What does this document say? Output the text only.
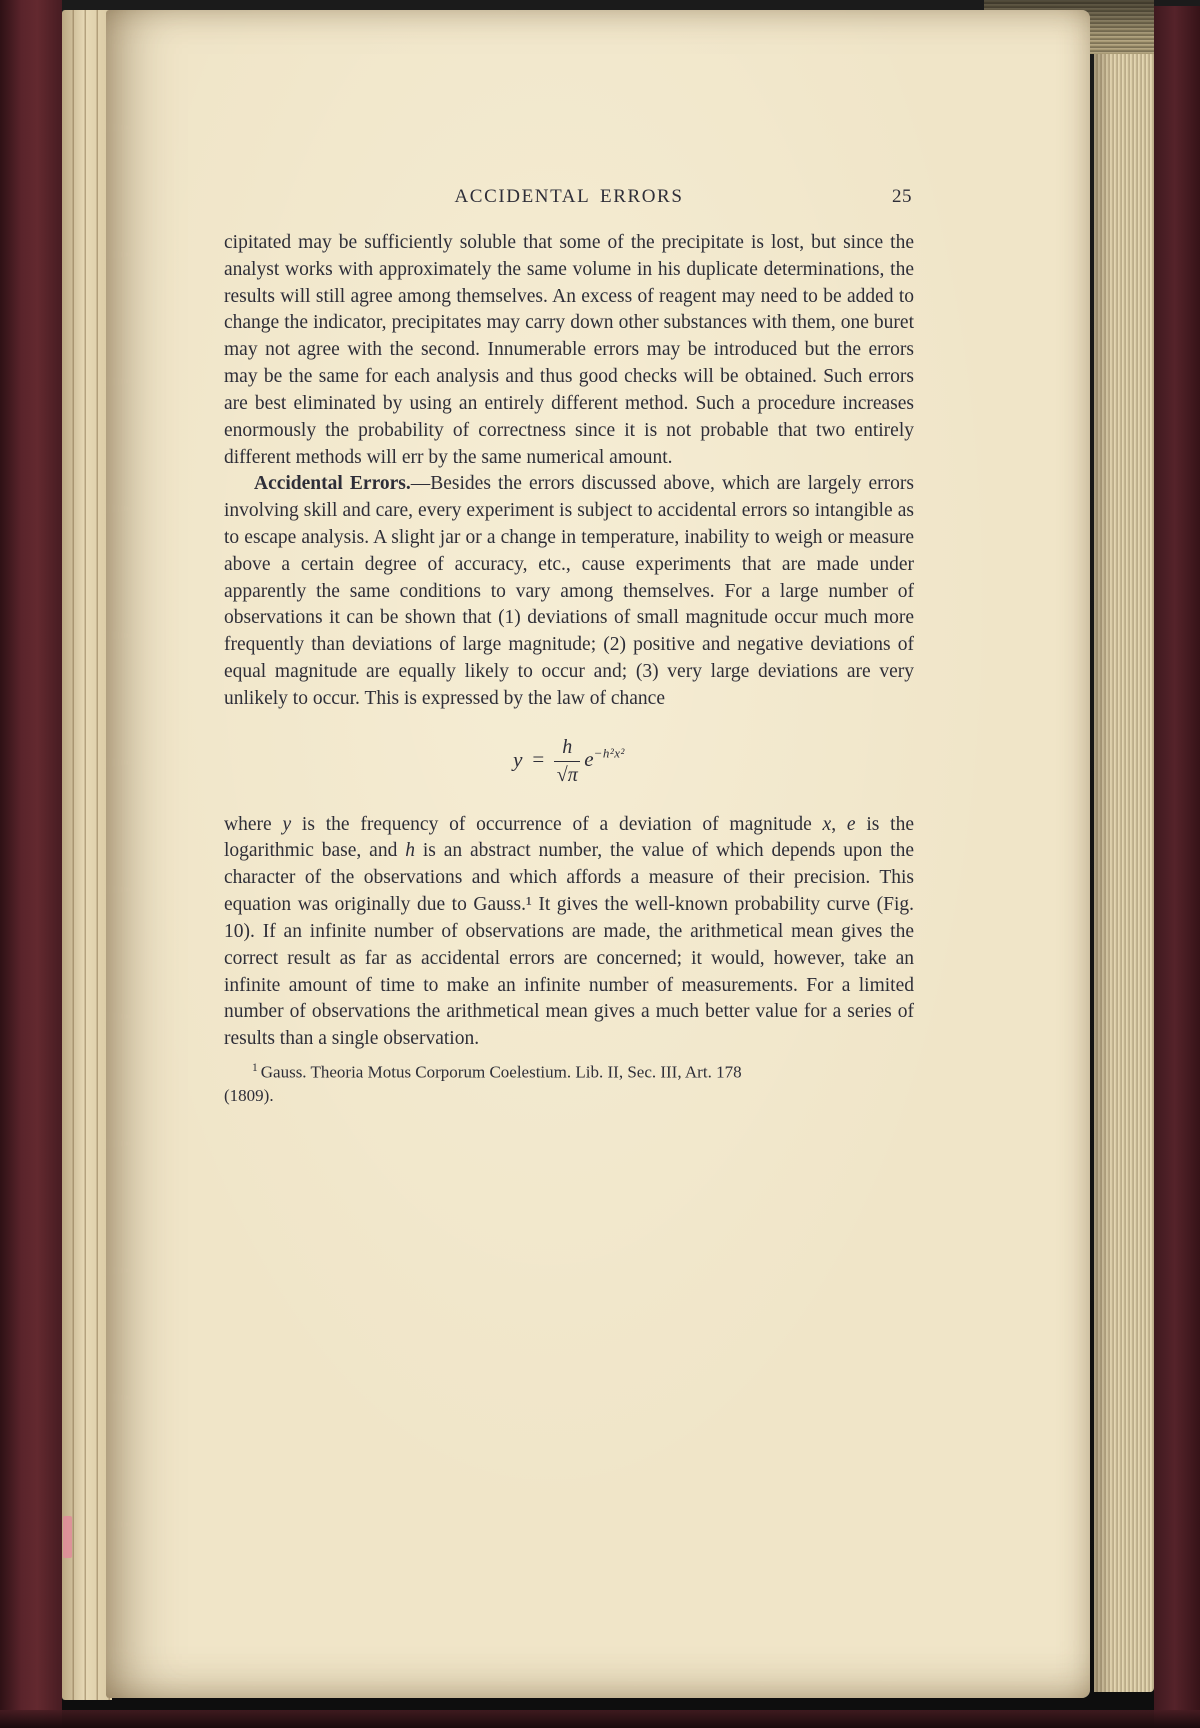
ACCIDENTAL ERRORS	25

cipitated may be sufficiently soluble that some of the precipitate is lost, but since the analyst works with approximately the same volume in his duplicate determinations, the results will still agree among themselves. An excess of reagent may need to be added to change the indicator, precipitates may carry down other substances with them, one buret may not agree with the second. Innumerable errors may be introduced but the errors may be the same for each analysis and thus good checks will be obtained. Such errors are best eliminated by using an entirely different method. Such a procedure increases enormously the probability of correctness since it is not probable that two entirely different methods will err by the same numerical amount.

Accidental Errors.—Besides the errors discussed above, which are largely errors involving skill and care, every experiment is subject to accidental errors so intangible as to escape analysis. A slight jar or a change in temperature, inability to weigh or measure above a certain degree of accuracy, etc., cause experiments that are made under apparently the same conditions to vary among themselves. For a large number of observations it can be shown that (1) deviations of small magnitude occur much more frequently than deviations of large magnitude; (2) positive and negative deviations of equal magnitude are equally likely to occur and; (3) very large deviations are very unlikely to occur. This is expressed by the law of chance

$y = \frac{h}{√\pi} e^{-h^2x^2}$

where y is the frequency of occurrence of a deviation of magnitude x, e is the logarithmic base, and h is an abstract number, the value of which depends upon the character of the observations and which affords a measure of their precision. This equation was originally due to Gauss.¹ It gives the well-known probability curve (Fig. 10). If an infinite number of observations are made, the arithmetical mean gives the correct result as far as accidental errors are concerned; it would, however, take an infinite amount of time to make an infinite number of measurements. For a limited number of observations the arithmetical mean gives a much better value for a series of results than a single observation.

$^1$ Gauss. Theoria Motus Corporum Coelestium. Lib. II, Sec. III, Art. 178
(1809).
